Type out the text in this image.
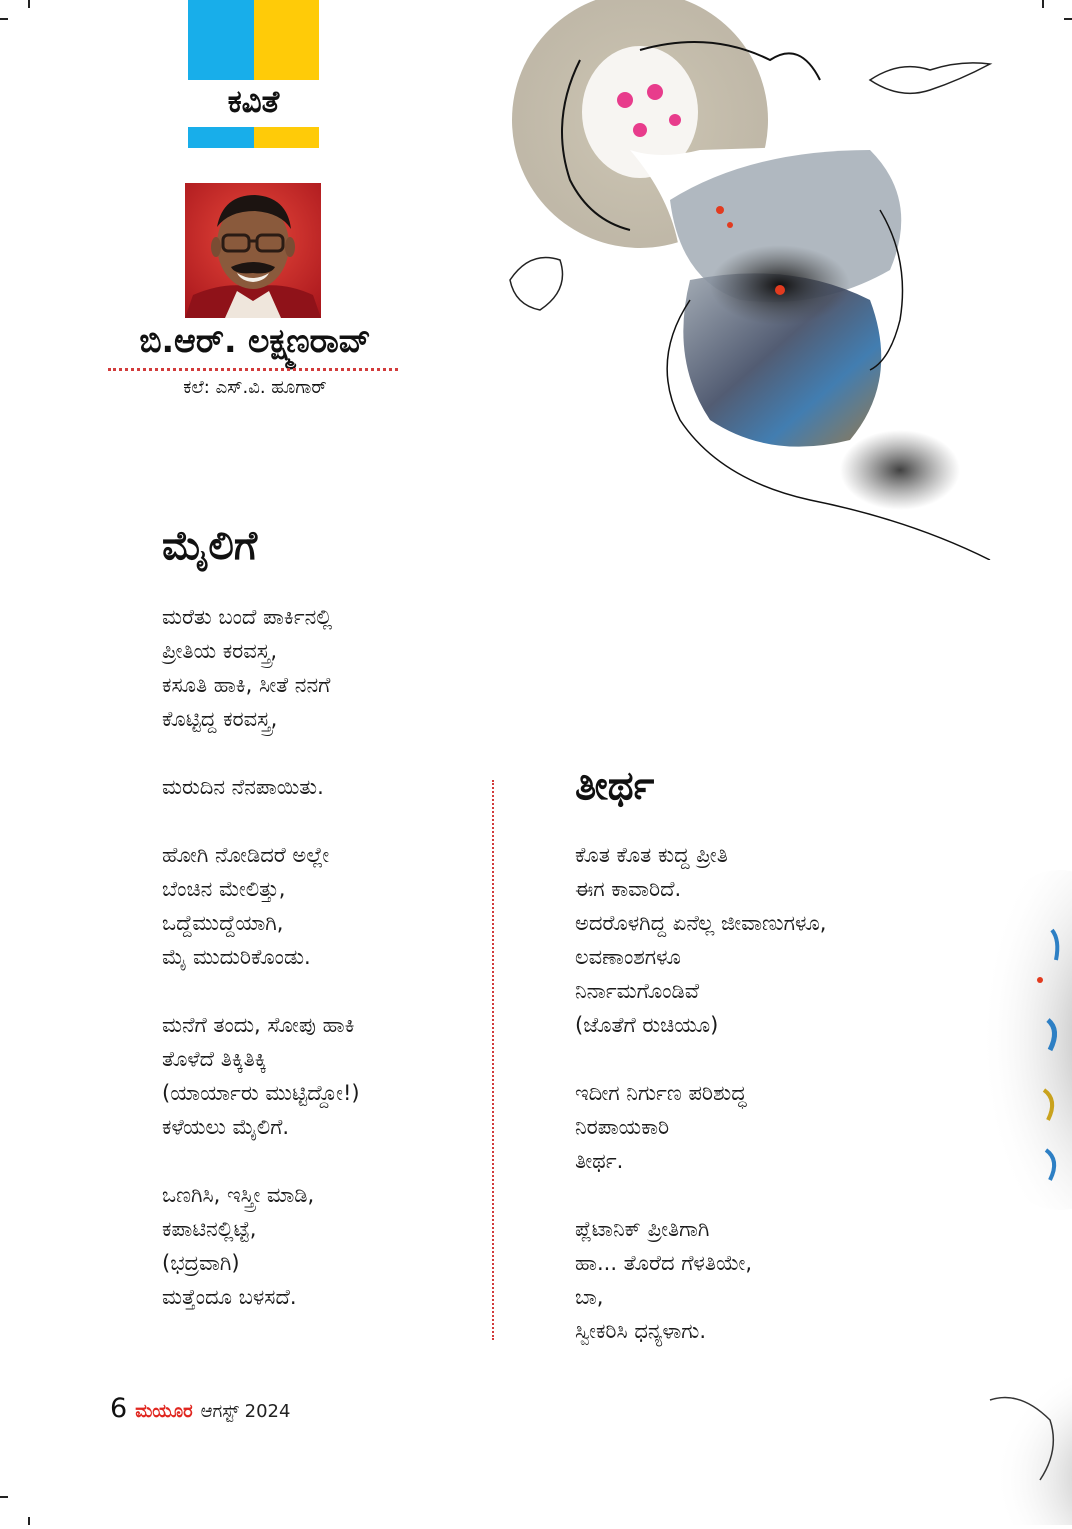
ಕವಿತೆ
ಬಿ.ಆರ್. ಲಕ್ಷ್ಮಣರಾವ್
ಕಲೆ: ಎಸ್.ವಿ. ಹೂಗಾರ್
ಮೈಲಿಗೆ
ಮರೆತು ಬಂದೆ ಪಾರ್ಕಿನಲ್ಲಿ
ಪ್ರೀತಿಯ ಕರವಸ್ತ್ರ,
ಕಸೂತಿ ಹಾಕಿ, ಸೀತೆ ನನಗೆ
ಕೊಟ್ಟಿದ್ದ ಕರವಸ್ತ್ರ,
ಮರುದಿನ ನೆನಪಾಯಿತು.
ಹೋಗಿ ನೋಡಿದರೆ ಅಲ್ಲೇ
ಬೆಂಚಿನ ಮೇಲಿತ್ತು,
ಒದ್ದೆಮುದ್ದೆಯಾಗಿ,
ಮೈ ಮುದುರಿಕೊಂಡು.
ಮನೆಗೆ ತಂದು, ಸೋಪು ಹಾಕಿ
ತೊಳೆದೆ ತಿಕ್ಕಿತಿಕ್ಕಿ
(ಯಾರ್ಯಾರು ಮುಟ್ಟಿದ್ದೋ!)
ಕಳೆಯಲು ಮೈಲಿಗೆ.
ಒಣಗಿಸಿ, ಇಸ್ತ್ರೀ ಮಾಡಿ,
ಕಪಾಟಿನಲ್ಲಿಟ್ಟೆ,
(ಭದ್ರವಾಗಿ)
ಮತ್ತೆಂದೂ ಬಳಸದೆ.
ತೀರ್ಥ
ಕೊತ ಕೊತ ಕುದ್ದ ಪ್ರೀತಿ
ಈಗ ಕಾವಾರಿದೆ.
ಅದರೊಳಗಿದ್ದ ಏನೆಲ್ಲ ಜೀವಾಣುಗಳೂ,
ಲವಣಾಂಶಗಳೂ
ನಿರ್ನಾಮಗೊಂಡಿವೆ
(ಜೊತೆಗೆ ರುಚಿಯೂ)
ಇದೀಗ ನಿರ್ಗುಣ ಪರಿಶುದ್ಧ
ನಿರಪಾಯಕಾರಿ
ತೀರ್ಥ.
ಪ್ಲೆಟಾನಿಕ್ ಪ್ರೀತಿಗಾಗಿ
ಹಾ... ತೊರೆದ ಗೆಳತಿಯೇ,
ಬಾ,
ಸ್ವೀಕರಿಸಿ ಧನ್ಯಳಾಗು.
6 ಮಯೂರ ಆಗಸ್ಟ್ 2024
